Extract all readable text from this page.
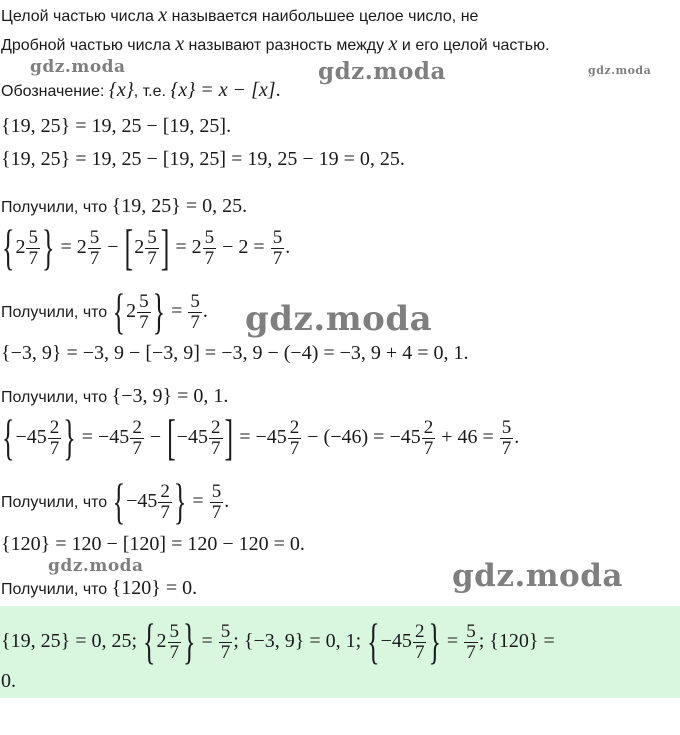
Целой частью числа x называется наибольшее целое число, не
Дробной частью числа x называют разность между x и его целой частью.
Обозначение: {x}, т.е. {x} = x − [x].
{19, 25} = 19, 25 − [19, 25].
{19, 25} = 19, 25 − [19, 25] = 19, 25 − 19 = 0, 25.
Получили, что {19, 25} = 0, 25.
{$2 \frac{5}{7}$ } = $2 \frac{5}{7} - [2 \frac{5}{7}$ ] = $2 \frac{5}{7} - 2 = \frac{5}{7}$ .
Получили, что {$2 \frac{5}{7}$ } = $\frac{5}{7}$ .
{−3, 9} = −3, 9 − [−3, 9] = −3, 9 − (−4) = −3, 9 + 4 = 0, 1.
Получили, что {−3, 9} = 0, 1.
{$-45 \frac{2}{7}$ } = $-45 \frac{2}{7} - [-45 \frac{2}{7}$ ] = $-45 \frac{2}{7} - (-46) = -45 \frac{2}{7} + 46 = \frac{5}{7}$ .
Получили, что {$-45 \frac{2}{7}$ } = $\frac{5}{7}$ .
{120} = 120 − [120] = 120 − 120 = 0.
Получили, что {120} = 0.
{19, 25} = 0, 25; {$2 \frac{5}{7}$ } = $\frac{5}{7}$ ; {−3, 9} = 0, 1; {$-45 \frac{2}{7}$ } = $\frac{5}{7}$ ; {120} =
0.
gdz.moda	gdz.moda	gdz.moda
gdz.moda
gdz.moda	gdz.moda
